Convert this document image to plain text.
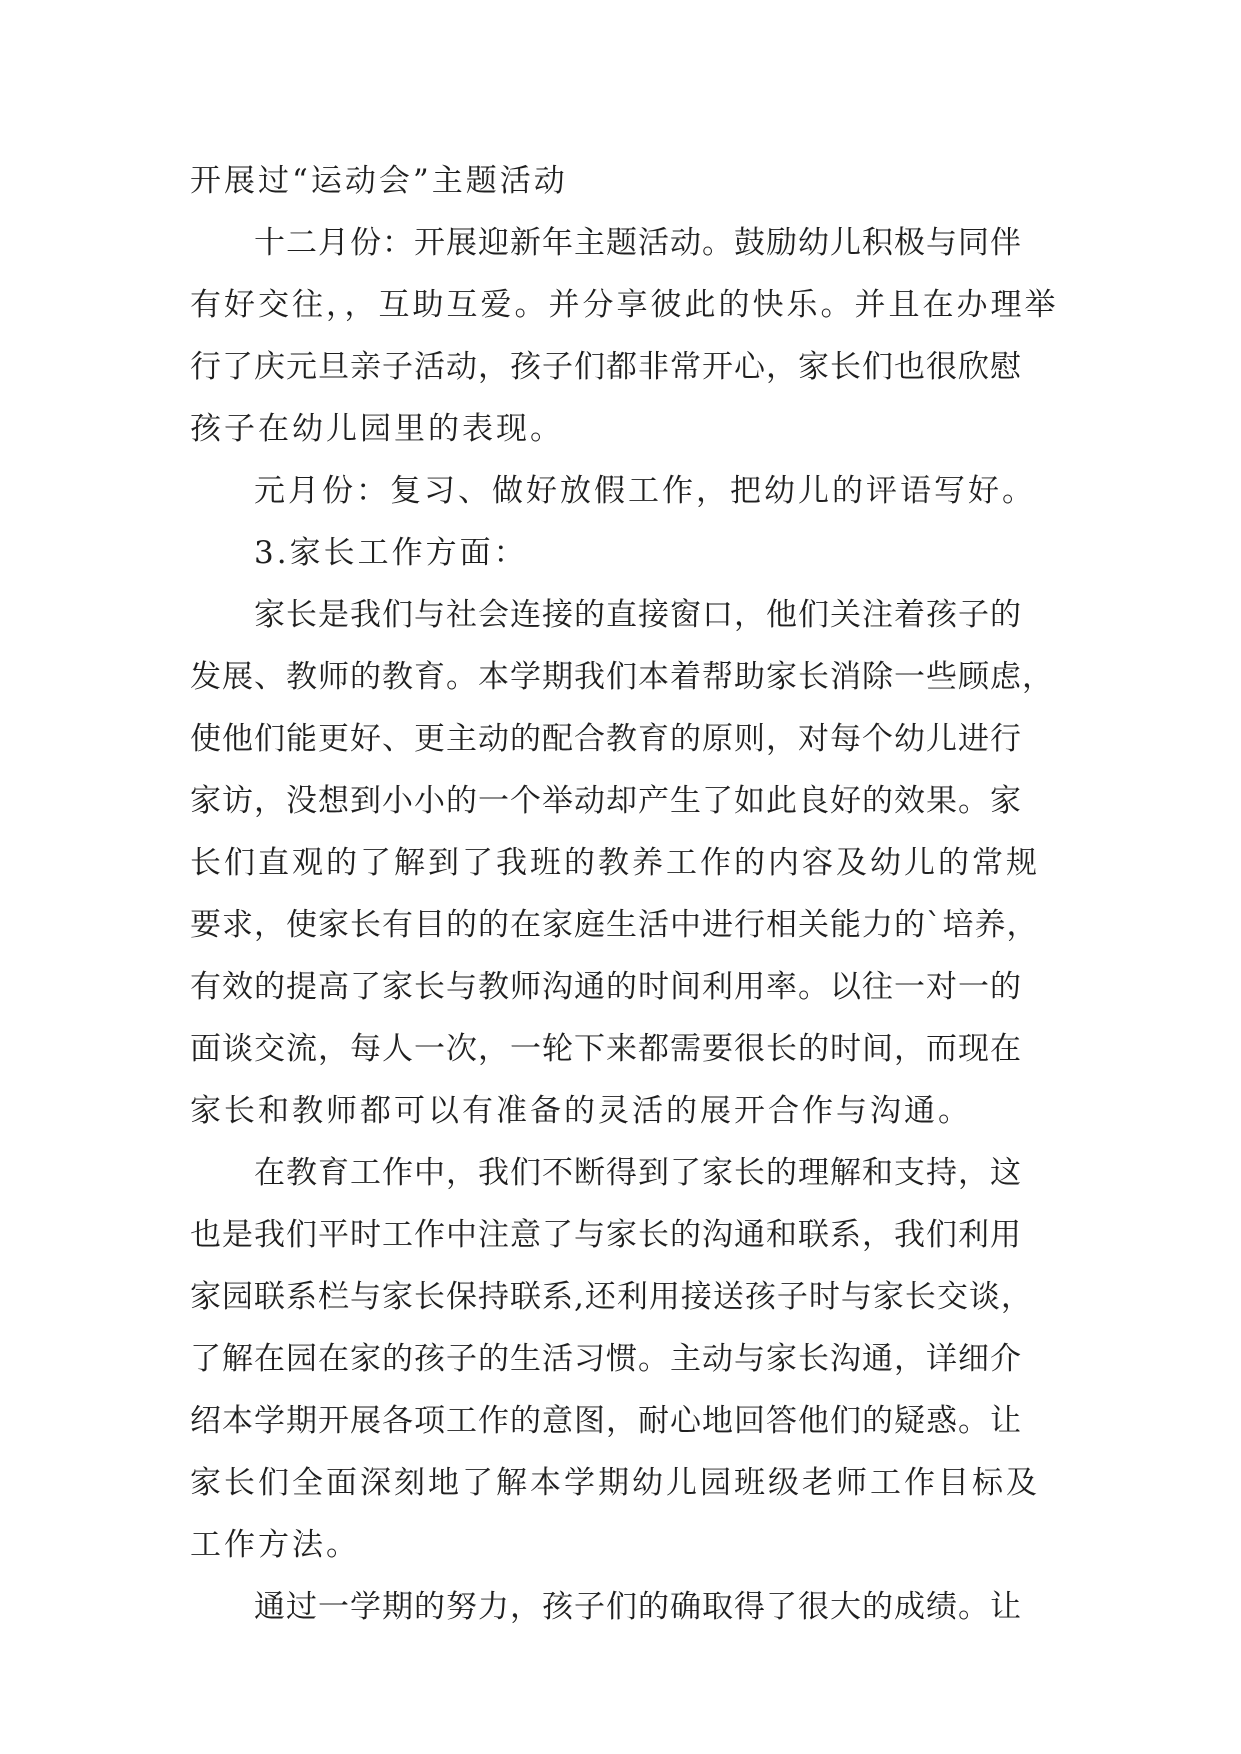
开展过“运动会”主题活动
十二月份：开展迎新年主题活动。鼓励幼儿积极与同伴
有好交往，，互助互爱。并分享彼此的快乐。并且在办理举
行了庆元旦亲子活动，孩子们都非常开心，家长们也很欣慰
孩子在幼儿园里的表现。
元月份：复习、做好放假工作，把幼儿的评语写好。
3.家长工作方面：
家长是我们与社会连接的直接窗口，他们关注着孩子的
发展、教师的教育。本学期我们本着帮助家长消除一些顾虑，
使他们能更好、更主动的配合教育的原则，对每个幼儿进行
家访，没想到小小的一个举动却产生了如此良好的效果。家
长们直观的了解到了我班的教养工作的内容及幼儿的常规
要求，使家长有目的的在家庭生活中进行相关能力的`培养，
有效的提高了家长与教师沟通的时间利用率。以往一对一的
面谈交流，每人一次，一轮下来都需要很长的时间，而现在
家长和教师都可以有准备的灵活的展开合作与沟通。
在教育工作中，我们不断得到了家长的理解和支持，这
也是我们平时工作中注意了与家长的沟通和联系，我们利用
家园联系栏与家长保持联系,还利用接送孩子时与家长交谈，
了解在园在家的孩子的生活习惯。主动与家长沟通，详细介
绍本学期开展各项工作的意图，耐心地回答他们的疑惑。让
家长们全面深刻地了解本学期幼儿园班级老师工作目标及
工作方法。
通过一学期的努力，孩子们的确取得了很大的成绩。让
